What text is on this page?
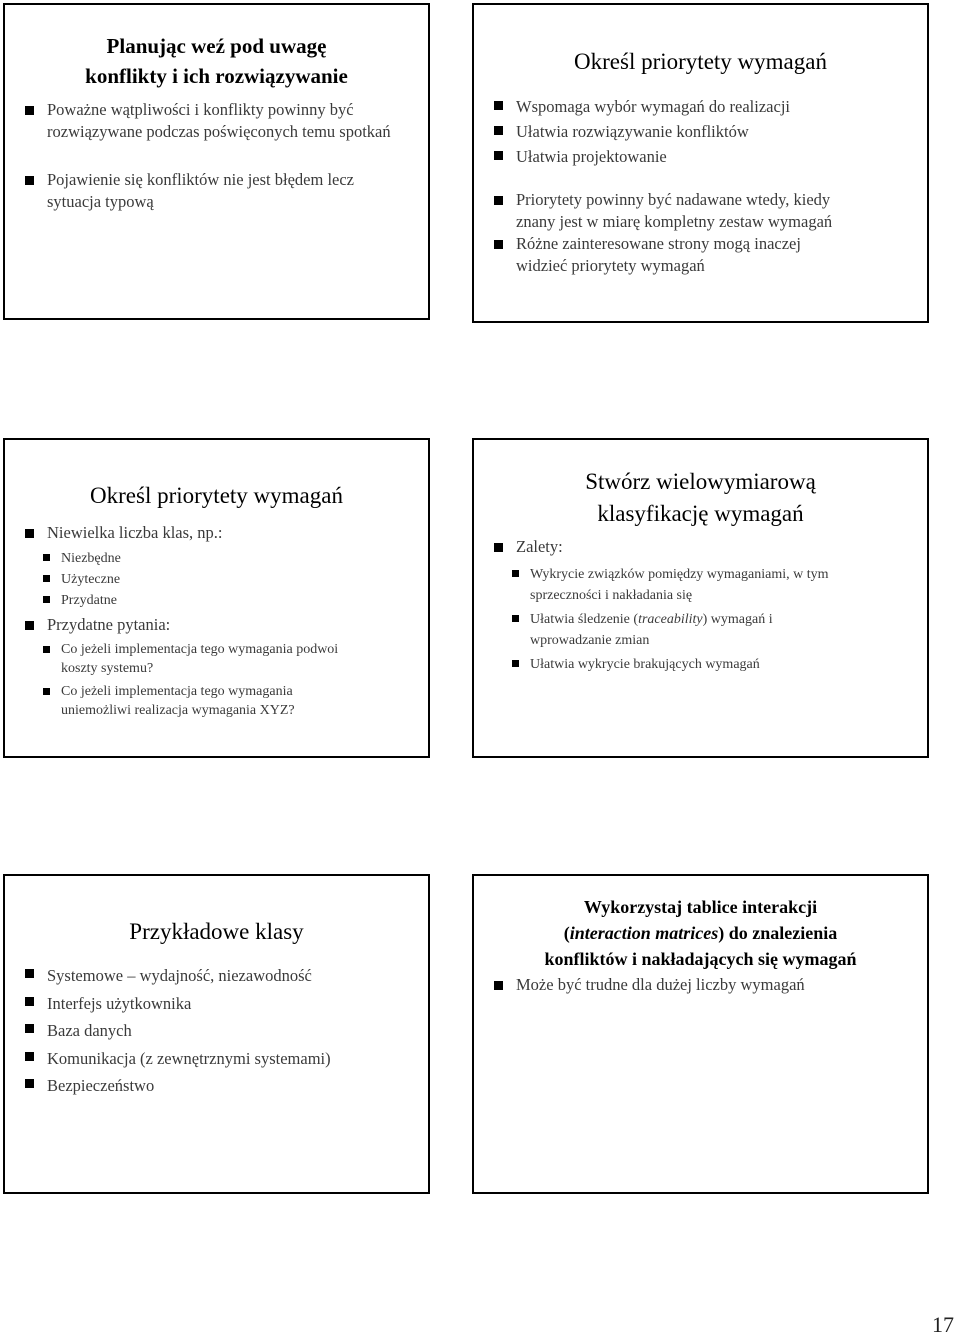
Planując weź pod uwagę
konflikty i ich rozwiązywanie
Poważne wątpliwości i konflikty powinny być rozwiązywane podczas poświęconych temu spotkań
Pojawienie się konfliktów nie jest błędem lecz sytuacja typową
Określ priorytety wymagań
Wspomaga wybór wymagań do realizacji
Ułatwia rozwiązywanie konfliktów
Ułatwia projektowanie
Priorytety powinny być nadawane wtedy, kiedy znany jest w miarę kompletny zestaw wymagań
Różne zainteresowane strony mogą inaczej widzieć priorytety wymagań
Określ priorytety wymagań
Niewielka liczba klas, np.:
Niezbędne
Użyteczne
Przydatne
Przydatne pytania:
Co jeżeli implementacja tego wymagania podwoi koszty systemu?
Co jeżeli implementacja tego wymagania uniemożliwi realizacja wymagania XYZ?
Stwórz wielowymiarową
klasyfikację wymagań
Zalety:
Wykrycie związków pomiędzy wymaganiami, w tym sprzeczności i nakładania się
Ułatwia śledzenie (traceability) wymagań i wprowadzanie zmian
Ułatwia wykrycie brakujących wymagań
Przykładowe klasy
Systemowe – wydajność, niezawodność
Interfejs użytkownika
Baza danych
Komunikacja (z zewnętrznymi systemami)
Bezpieczeństwo
Wykorzystaj tablice interakcji
(interaction matrices) do znalezienia
konfliktów i nakładających się wymagań
Może być trudne dla dużej liczby wymagań
17
